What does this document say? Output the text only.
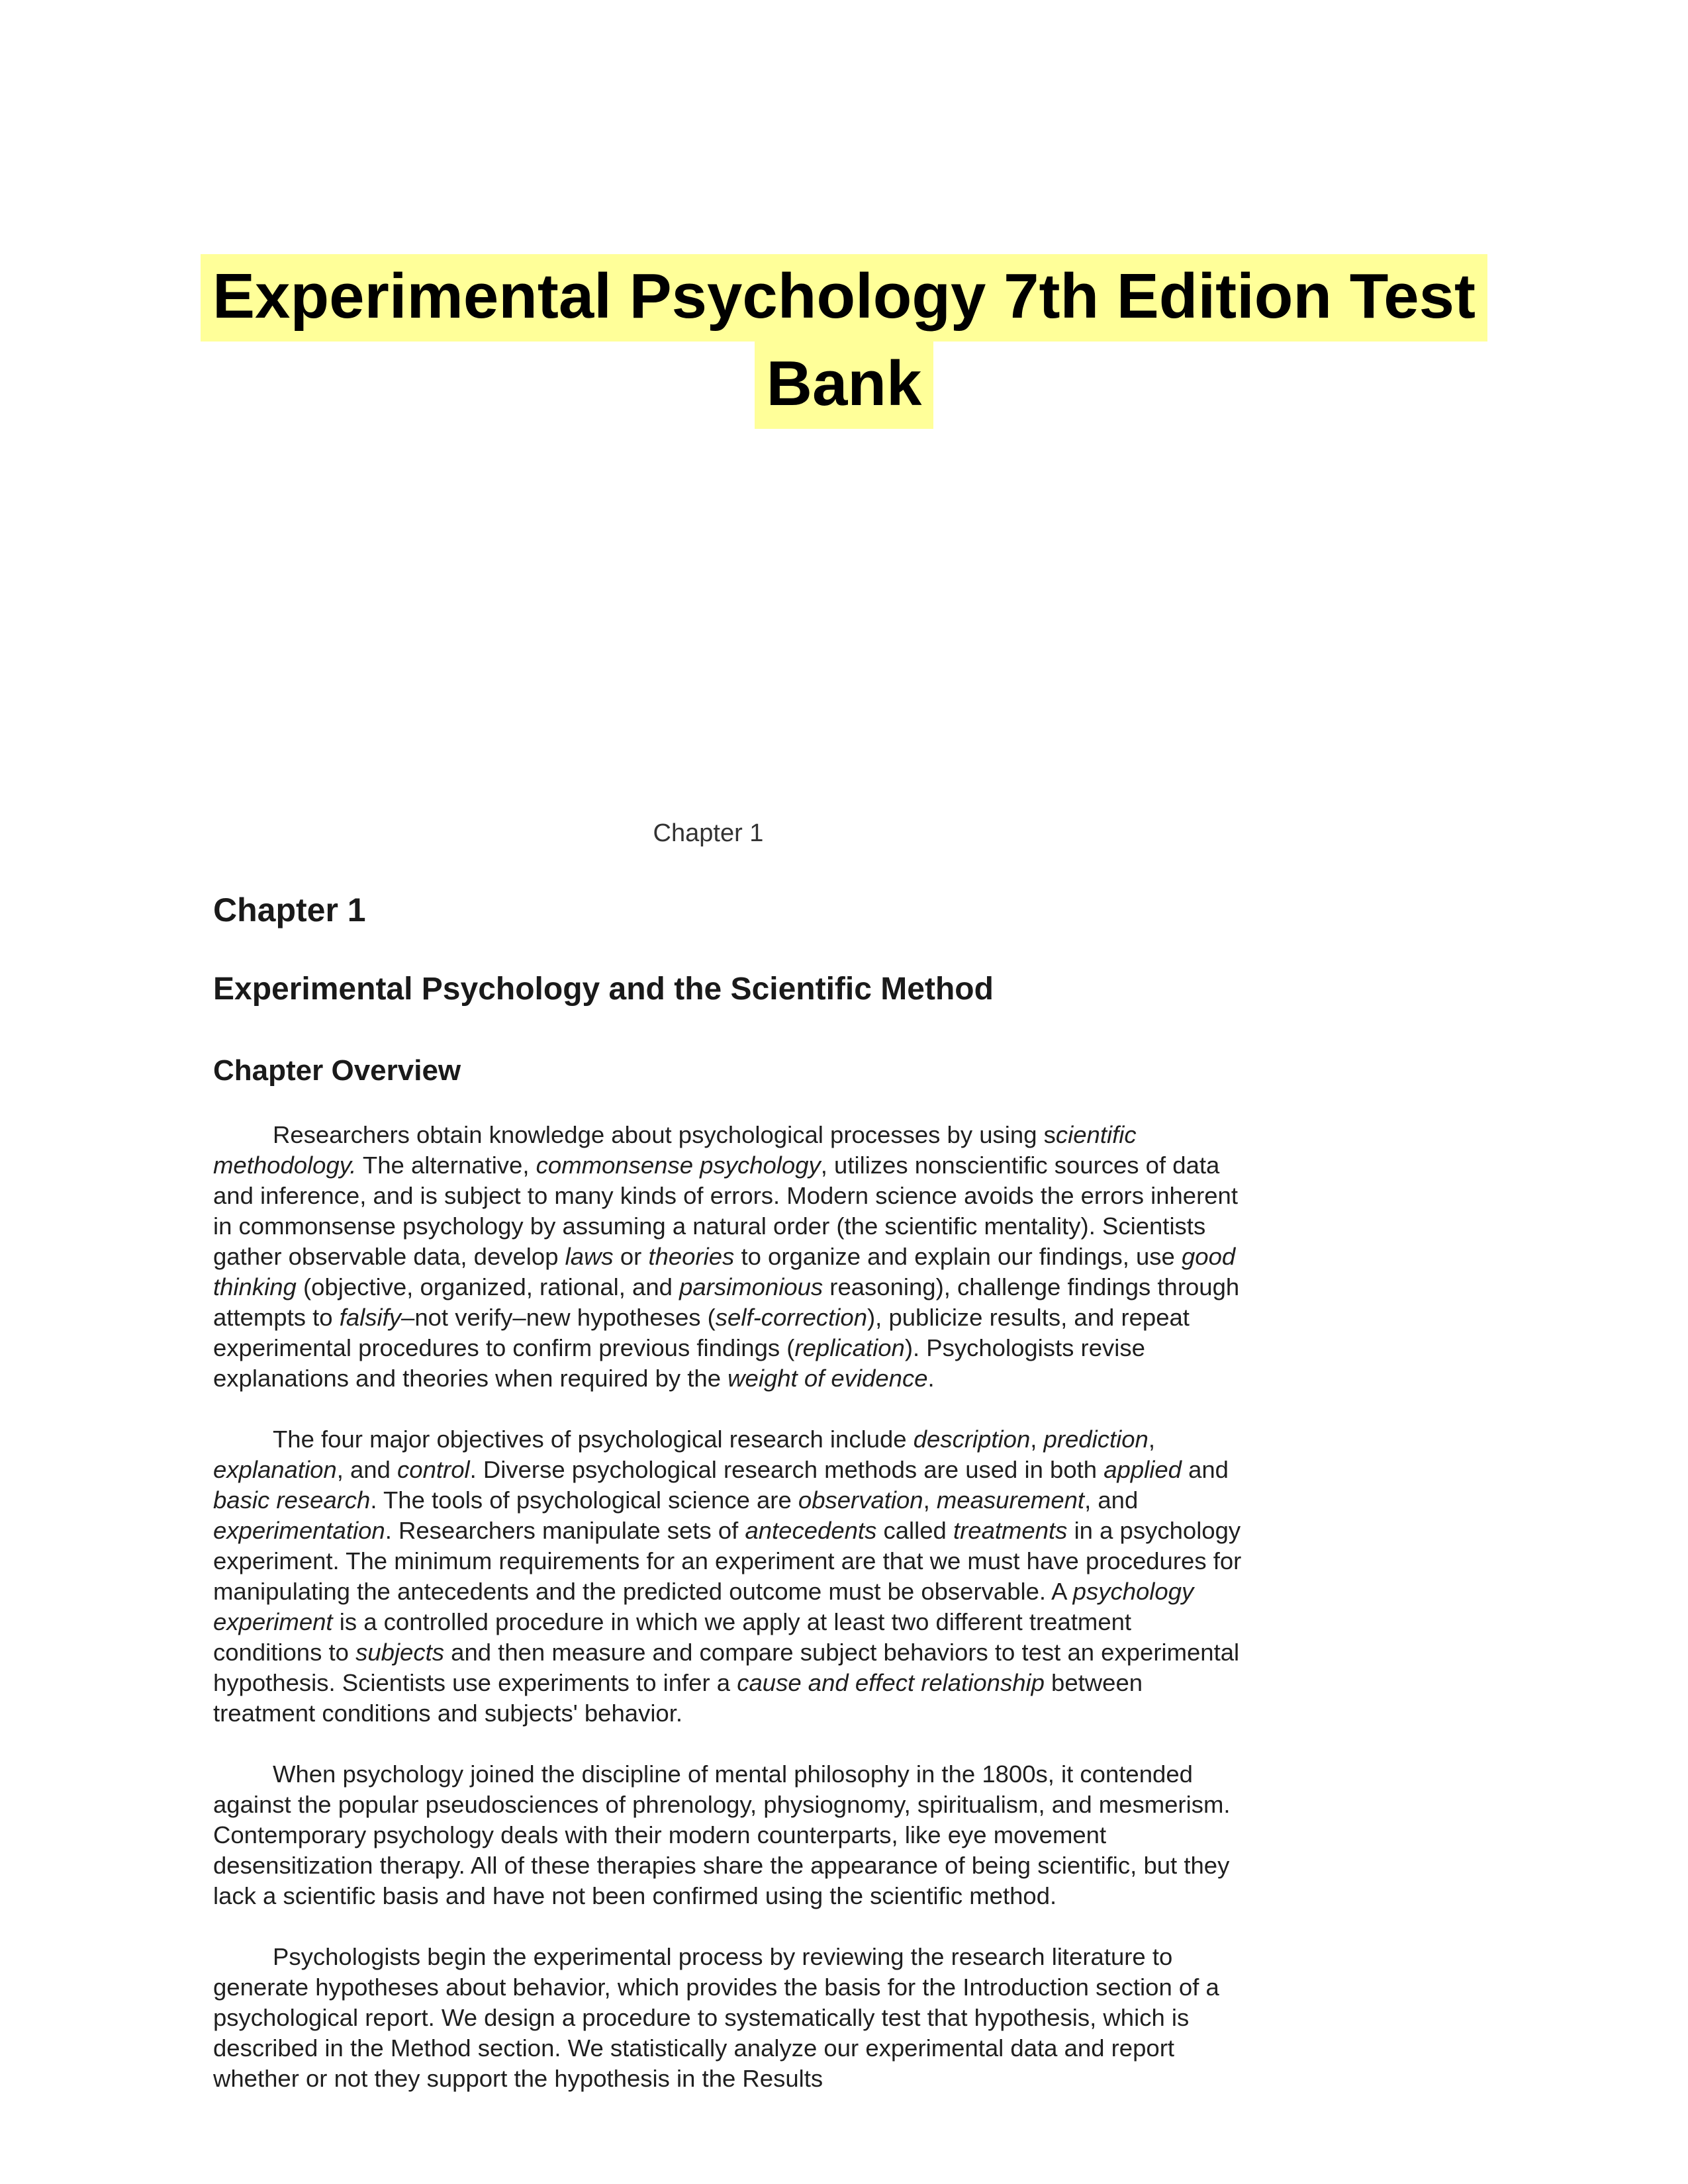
Experimental Psychology 7th Edition Test
Bank
Chapter 1
Chapter 1
Experimental Psychology and the Scientific Method
Chapter Overview

Researchers obtain knowledge about psychological processes by using scientific methodology. The alternative, commonsense psychology, utilizes nonscientific sources of data and inference, and is subject to many kinds of errors. Modern science avoids the errors inherent in commonsense psychology by assuming a natural order (the scientific mentality). Scientists gather observable data, develop laws or theories to organize and explain our findings, use good thinking (objective, organized, rational, and parsimonious reasoning), challenge findings through attempts to falsify–not verify–new hypotheses (self-correction), publicize results, and repeat experimental procedures to confirm previous findings (replication). Psychologists revise explanations and theories when required by the weight of evidence.

The four major objectives of psychological research include description, prediction, explanation, and control. Diverse psychological research methods are used in both applied and basic research. The tools of psychological science are observation, measurement, and experimentation. Researchers manipulate sets of antecedents called treatments in a psychology experiment. The minimum requirements for an experiment are that we must have procedures for manipulating the antecedents and the predicted outcome must be observable. A psychology experiment is a controlled procedure in which we apply at least two different treatment conditions to subjects and then measure and compare subject behaviors to test an experimental hypothesis. Scientists use experiments to infer a cause and effect relationship between treatment conditions and subjects' behavior.

When psychology joined the discipline of mental philosophy in the 1800s, it contended against the popular pseudosciences of phrenology, physiognomy, spiritualism, and mesmerism. Contemporary psychology deals with their modern counterparts, like eye movement desensitization therapy. All of these therapies share the appearance of being scientific, but they lack a scientific basis and have not been confirmed using the scientific method.

Psychologists begin the experimental process by reviewing the research literature to generate hypotheses about behavior, which provides the basis for the Introduction section of a psychological report. We design a procedure to systematically test that hypothesis, which is described in the Method section. We statistically analyze our experimental data and report whether or not they support the hypothesis in the Results
